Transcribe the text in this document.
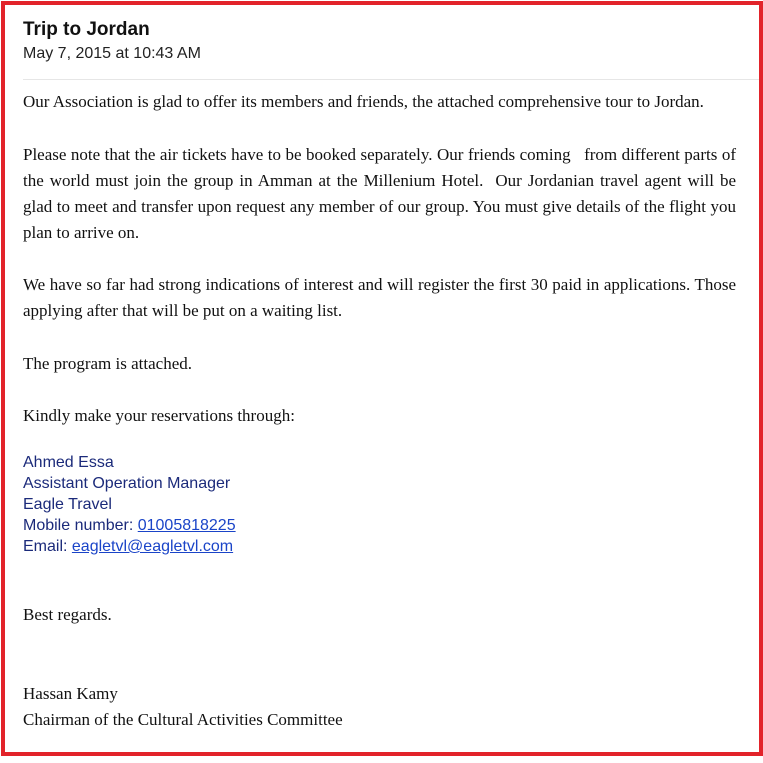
Trip to Jordan
May 7, 2015 at 10:43 AM

Our Association is glad to offer its members and friends, the attached comprehensive tour to Jordan.

Please note that the air tickets have to be booked separately. Our friends coming   from different parts of the world must join the group in Amman at the Millenium Hotel.  Our Jordanian travel agent will be glad to meet and transfer upon request any member of our group. You must give details of the flight you plan to arrive on.

We have so far had strong indications of interest and will register the first 30 paid in applications. Those applying after that will be put on a waiting list.

The program is attached.

Kindly make your reservations through:

Ahmed Essa
Assistant Operation Manager
Eagle Travel
Mobile number: 01005818225
Email: eagletvl@eagletvl.com

Best regards.

Hassan Kamy

Chairman of the Cultural Activities Committee
